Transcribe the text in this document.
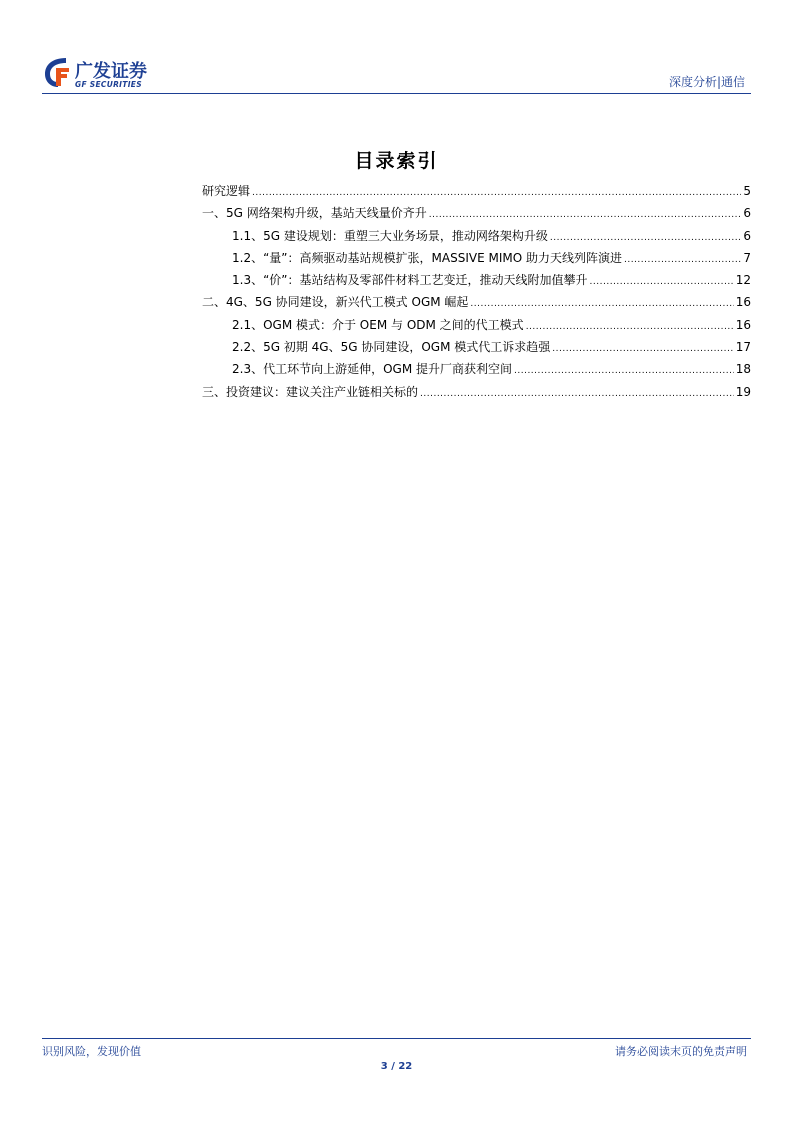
广发证券
GF SECURITIES	深度分析|通信
目录索引
研究逻辑 .....	5
一、5G 网络架构升级，基站天线量价齐升 .....	6
1.1、5G 建设规划：重塑三大业务场景，推动网络架构升级 .....	6
1.2、“量”：高频驱动基站规模扩张，MASSIVE MIMO 助力天线列阵演进 .....	7
1.3、“价”：基站结构及零部件材料工艺变迁，推动天线附加值攀升 .....	12
二、4G、5G 协同建设，新兴代工模式 OGM 崛起 .....	16
2.1、OGM 模式：介于 OEM 与 ODM 之间的代工模式 .....	16
2.2、5G 初期 4G、5G 协同建设，OGM 模式代工诉求趋强 .....	17
2.3、代工环节向上游延伸，OGM 提升厂商获利空间 .....	18
三、投资建议：建议关注产业链相关标的 .....	19
识别风险，发现价值	请务必阅读末页的免责声明
3 / 22
